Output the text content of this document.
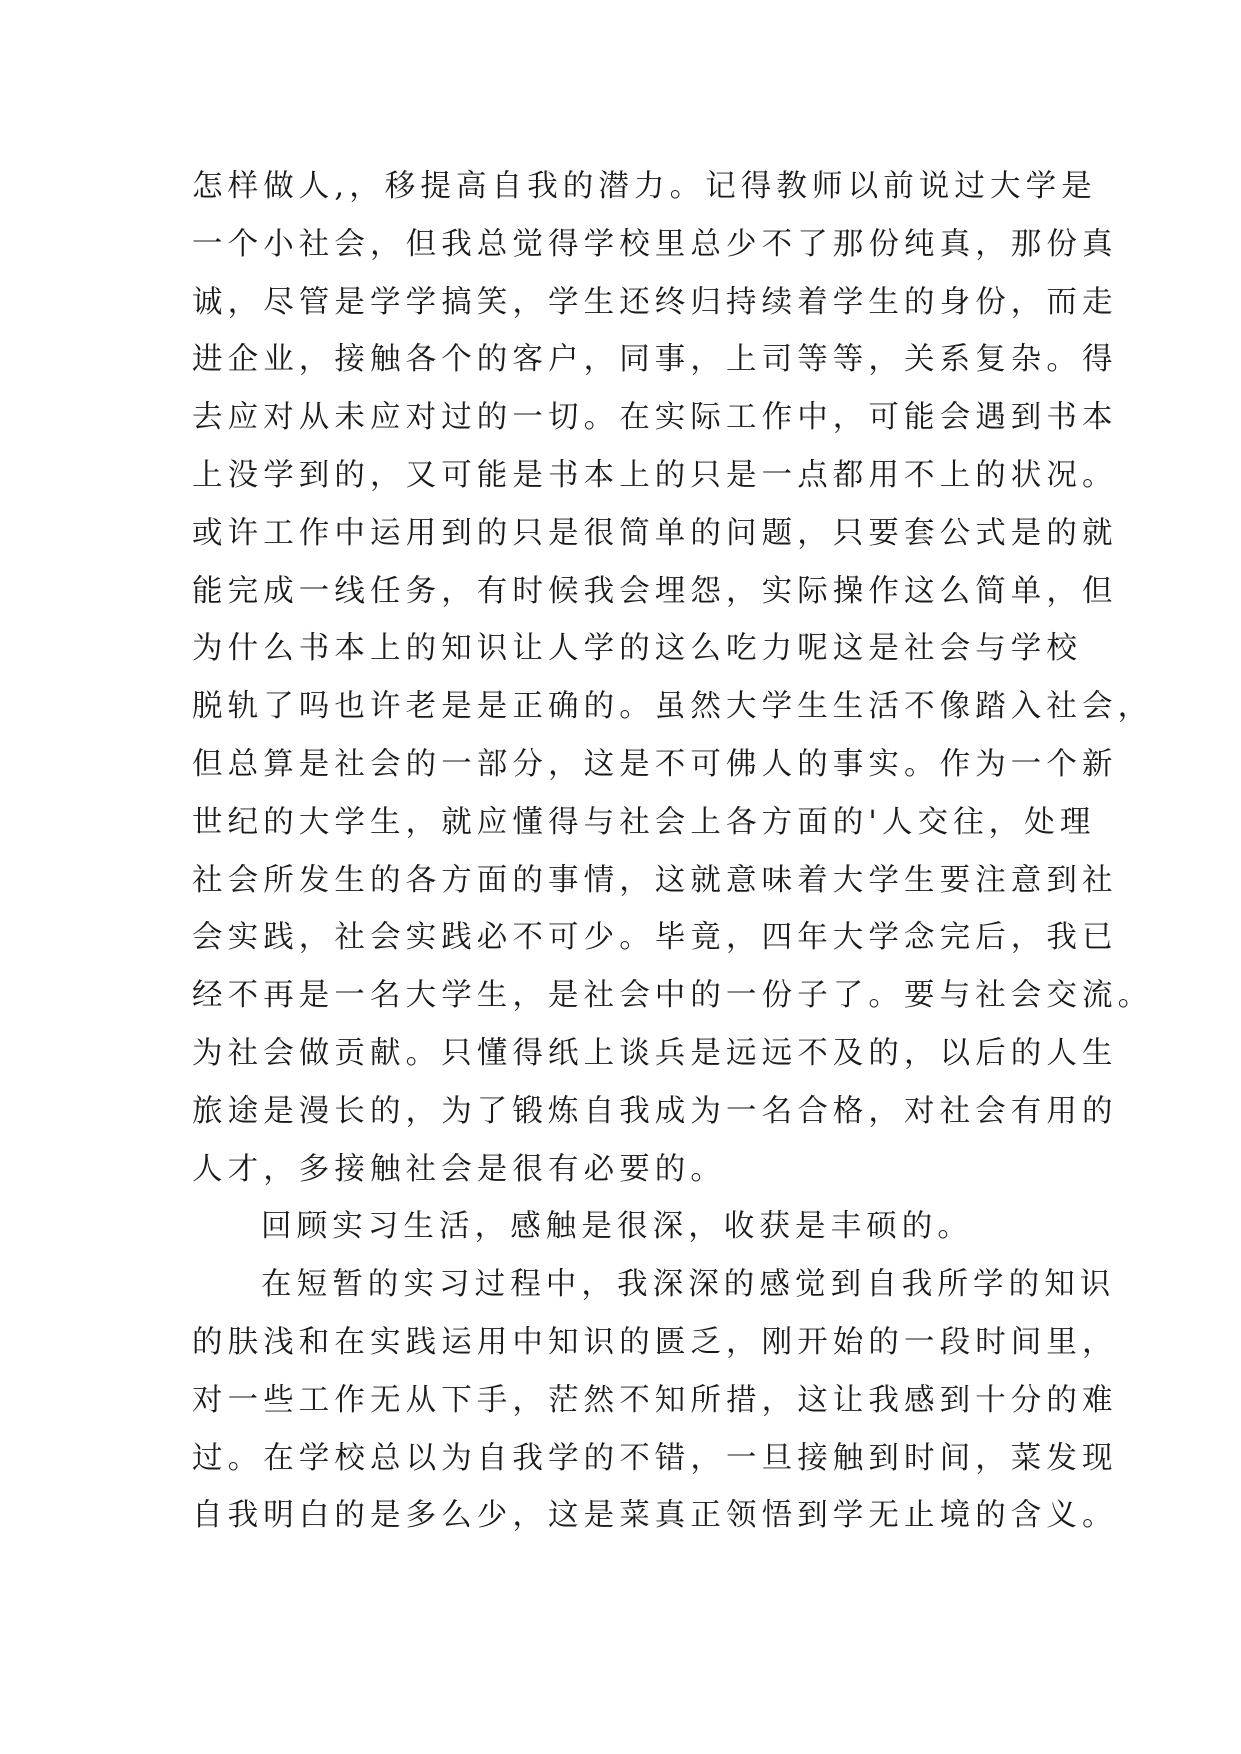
怎样做人,，移提高自我的潜力。记得教师以前说过大学是
一个小社会，但我总觉得学校里总少不了那份纯真，那份真
诚，尽管是学学搞笑，学生还终归持续着学生的身份，而走
进企业，接触各个的客户，同事，上司等等，关系复杂。得
去应对从未应对过的一切。在实际工作中，可能会遇到书本
上没学到的，又可能是书本上的只是一点都用不上的状况。
或许工作中运用到的只是很简单的问题，只要套公式是的就
能完成一线任务，有时候我会埋怨，实际操作这么简单，但
为什么书本上的知识让人学的这么吃力呢这是社会与学校
脱轨了吗也许老是是正确的。虽然大学生生活不像踏入社会，
但总算是社会的一部分，这是不可佛人的事实。作为一个新
世纪的大学生，就应懂得与社会上各方面的'人交往，处理
社会所发生的各方面的事情，这就意味着大学生要注意到社
会实践，社会实践必不可少。毕竟，四年大学念完后，我已
经不再是一名大学生，是社会中的一份子了。要与社会交流。
为社会做贡献。只懂得纸上谈兵是远远不及的，以后的人生
旅途是漫长的，为了锻炼自我成为一名合格，对社会有用的
人才，多接触社会是很有必要的。
回顾实习生活，感触是很深，收获是丰硕的。
在短暂的实习过程中，我深深的感觉到自我所学的知识
的肤浅和在实践运用中知识的匮乏，刚开始的一段时间里，
对一些工作无从下手，茫然不知所措，这让我感到十分的难
过。在学校总以为自我学的不错，一旦接触到时间，菜发现
自我明白的是多么少，这是菜真正领悟到学无止境的含义。
